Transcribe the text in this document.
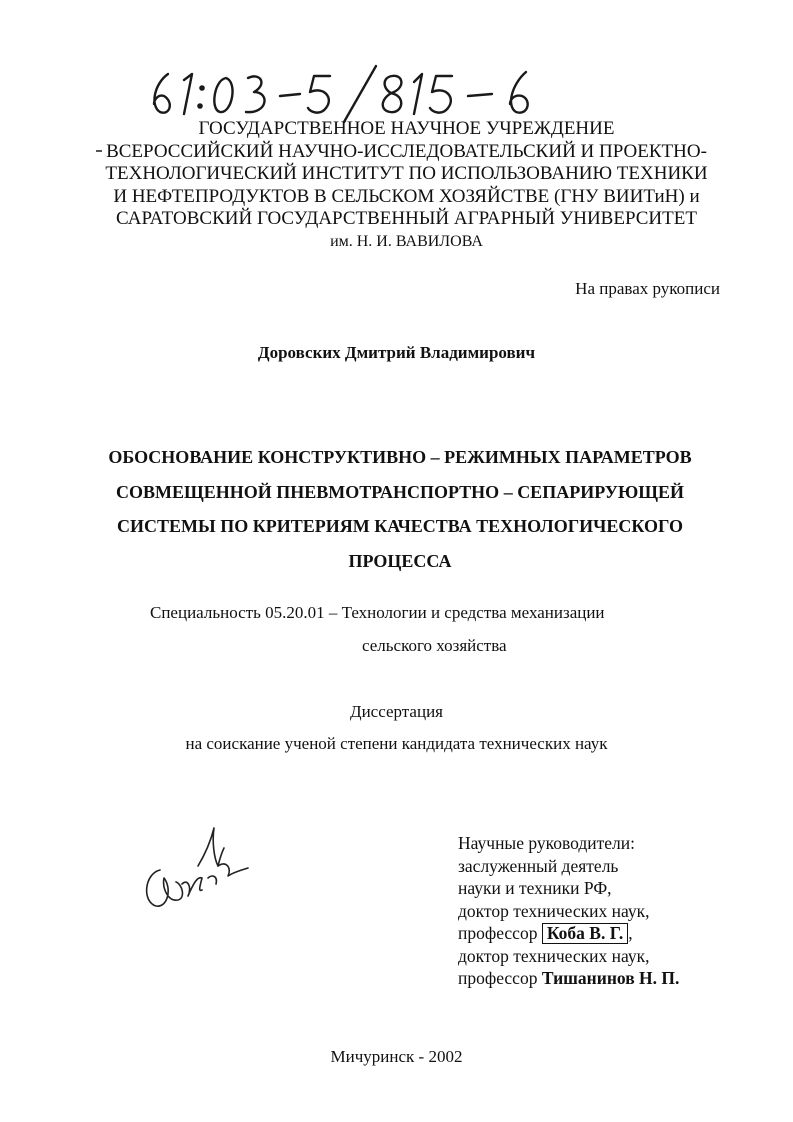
ГОСУДАРСТВЕННОЕ НАУЧНОЕ УЧРЕЖДЕНИЕ
ВСЕРОССИЙСКИЙ НАУЧНО-ИССЛЕДОВАТЕЛЬСКИЙ И ПРОЕКТНО-
ТЕХНОЛОГИЧЕСКИЙ ИНСТИТУТ ПО ИСПОЛЬЗОВАНИЮ ТЕХНИКИ
И НЕФТЕПРОДУКТОВ В СЕЛЬСКОМ ХОЗЯЙСТВЕ (ГНУ ВИИТиН) и
САРАТОВСКИЙ ГОСУДАРСТВЕННЫЙ АГРАРНЫЙ УНИВЕРСИТЕТ
им. Н. И. ВАВИЛОВА
На правах рукописи
Доровских Дмитрий Владимирович
ОБОСНОВАНИЕ КОНСТРУКТИВНО – РЕЖИМНЫХ ПАРАМЕТРОВ
СОВМЕЩЕННОЙ ПНЕВМОТРАНСПОРТНО – СЕПАРИРУЮЩЕЙ
СИСТЕМЫ ПО КРИТЕРИЯМ КАЧЕСТВА ТЕХНОЛОГИЧЕСКОГО
ПРОЦЕССА
Специальность 05.20.01 – Технологии и средства механизации
сельского хозяйства
Диссертация
на соискание ученой степени кандидата технических наук
Научные руководители:
заслуженный деятель
науки и техники РФ,
доктор технических наук,
профессор Коба В. Г. ,
доктор технических наук,
профессор Тишанинов Н. П.
Мичуринск - 2002
